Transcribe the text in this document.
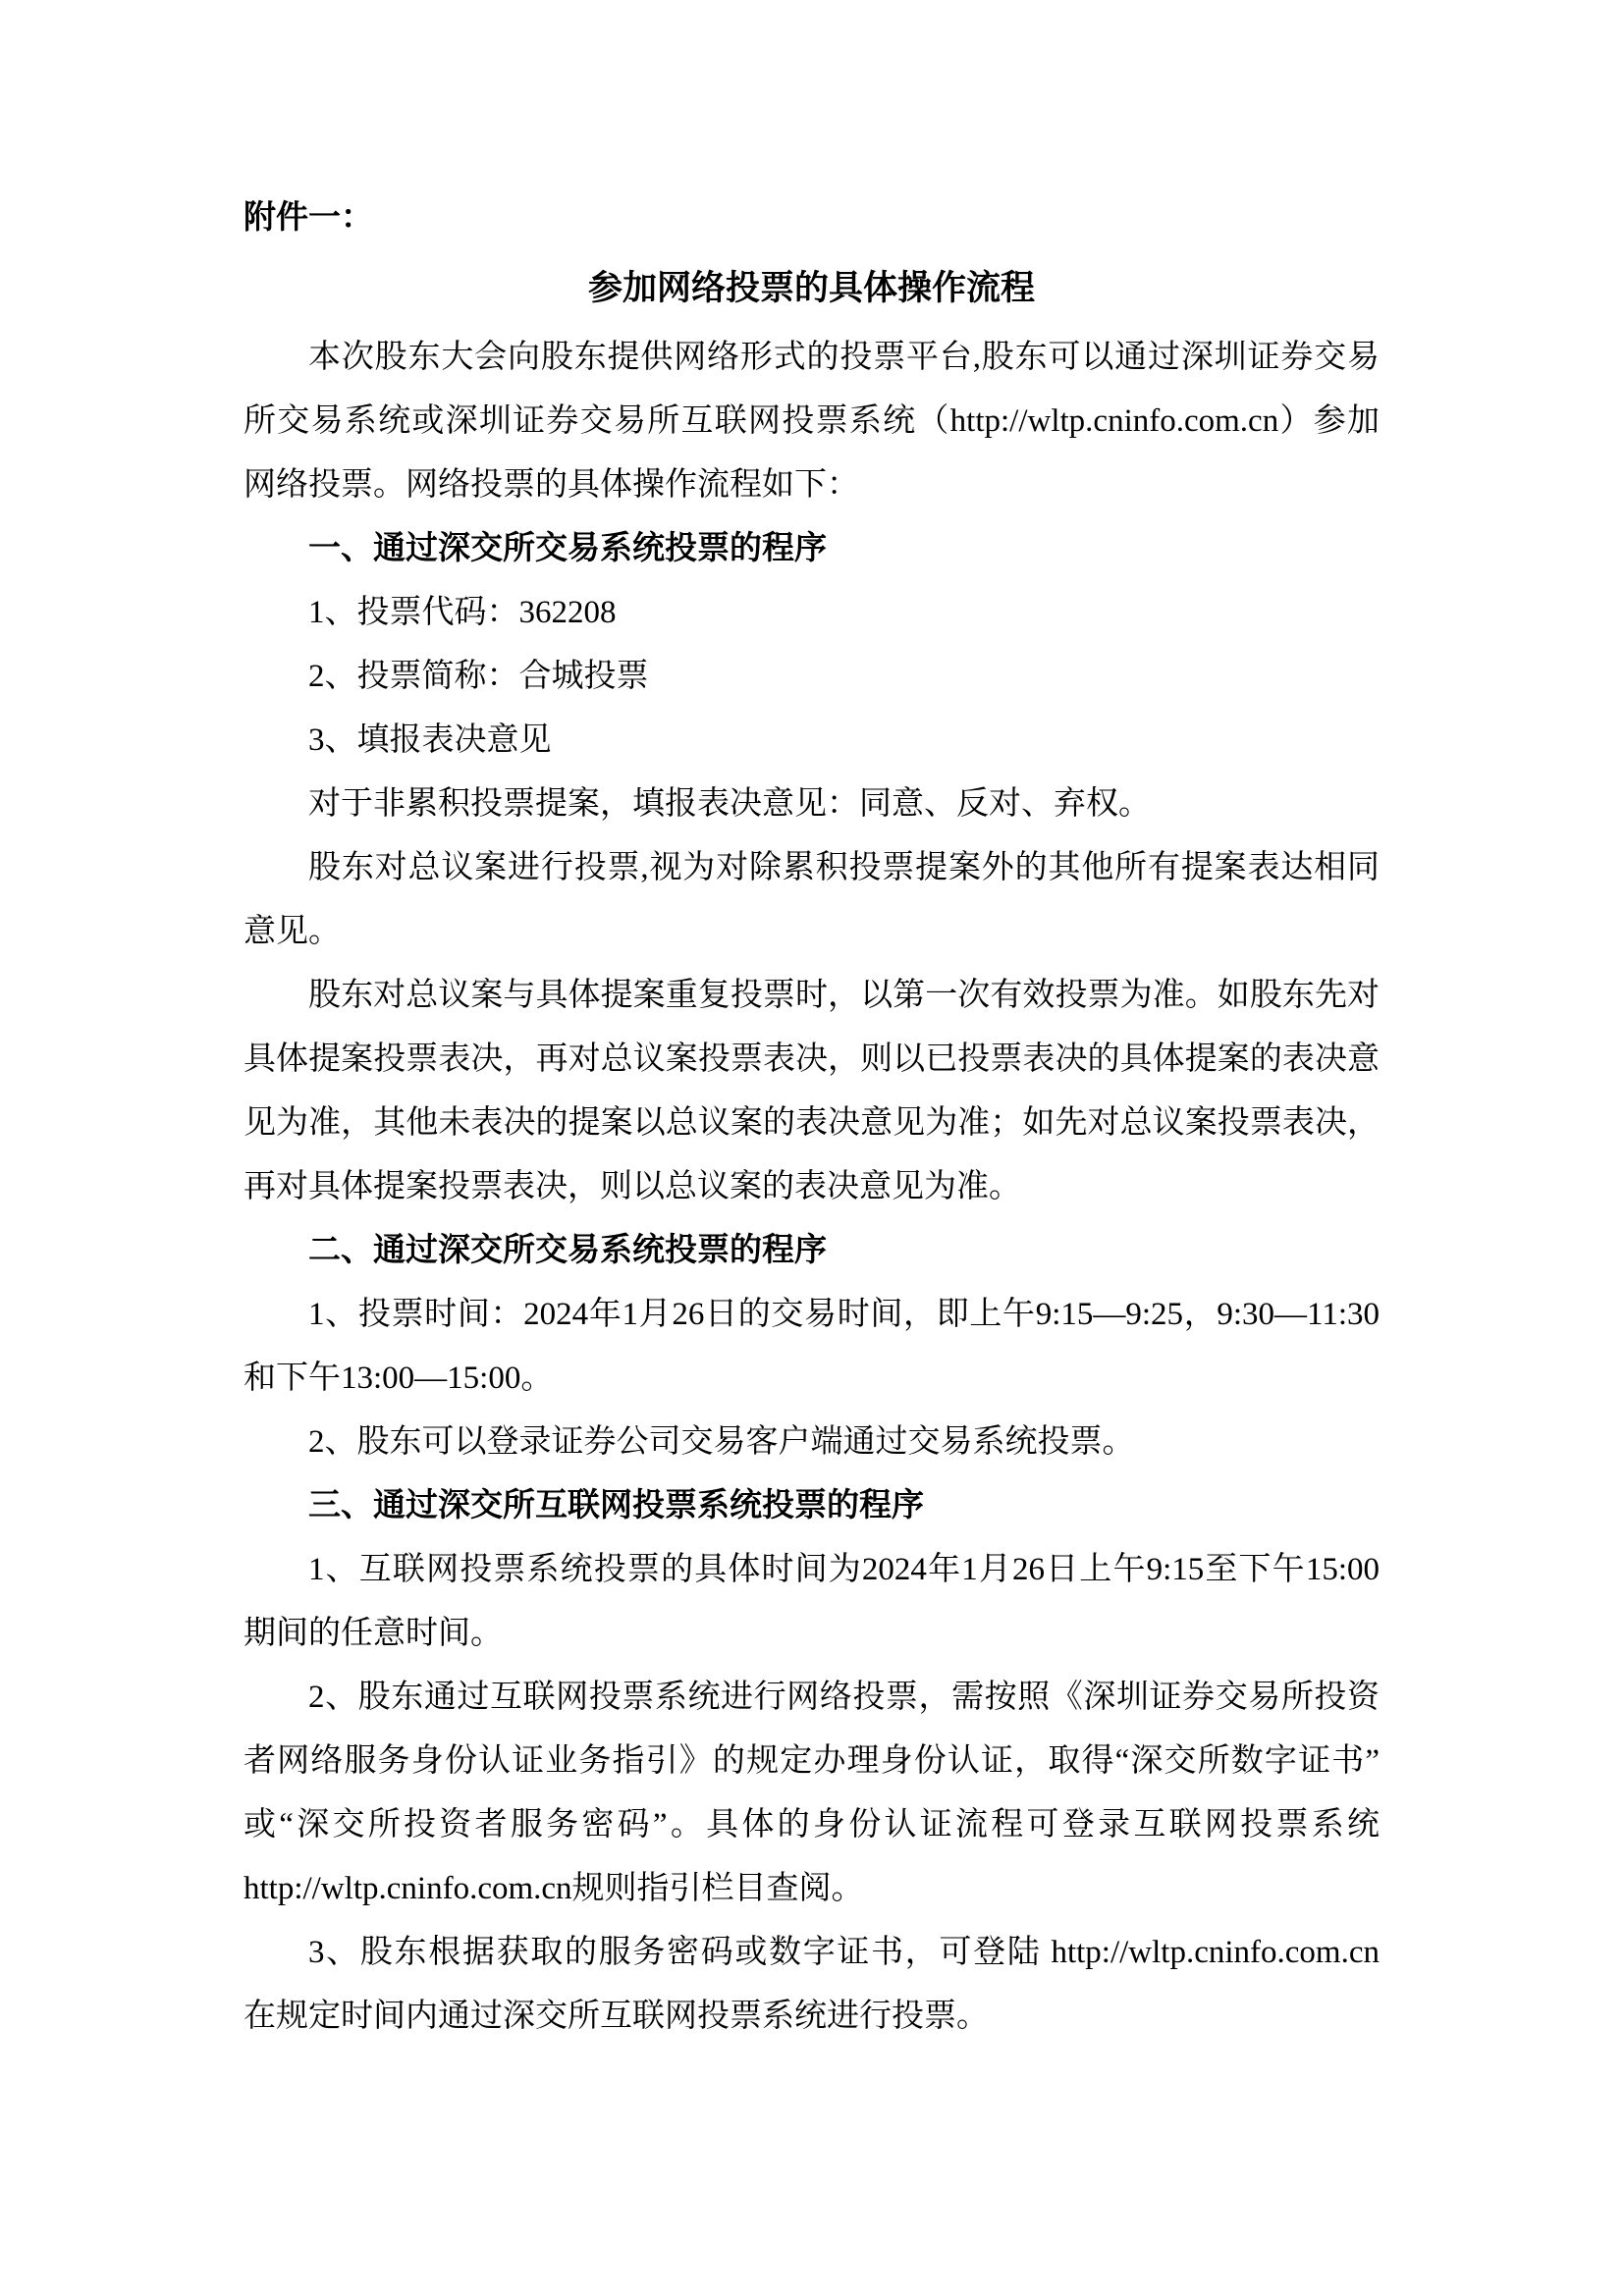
附件一：

参加网络投票的具体操作流程

本次股东大会向股东提供网络形式的投票平台,股东可以通过深圳证券交易

所交易系统或深圳证券交易所互联网投票系统（http://wltp.cninfo.com.cn）参加

网络投票。网络投票的具体操作流程如下：

一、通过深交所交易系统投票的程序

1、投票代码：362208

2、投票简称：合城投票

3、填报表决意见

对于非累积投票提案，填报表决意见：同意、反对、弃权。

股东对总议案进行投票,视为对除累积投票提案外的其他所有提案表达相同

意见。

股东对总议案与具体提案重复投票时，以第一次有效投票为准。如股东先对

具体提案投票表决，再对总议案投票表决，则以已投票表决的具体提案的表决意

见为准，其他未表决的提案以总议案的表决意见为准；如先对总议案投票表决，

再对具体提案投票表决，则以总议案的表决意见为准。

二、通过深交所交易系统投票的程序

1、投票时间：2024年1月26日的交易时间，即上午9:15—9:25，9:30—11:30

和下午13:00—15:00。

2、股东可以登录证券公司交易客户端通过交易系统投票。

三、通过深交所互联网投票系统投票的程序

1、互联网投票系统投票的具体时间为2024年1月26日上午9:15至下午15:00

期间的任意时间。

2、股东通过互联网投票系统进行网络投票，需按照《深圳证券交易所投资

者网络服务身份认证业务指引》的规定办理身份认证，取得“深交所数字证书”

或“深交所投资者服务密码”。具体的身份认证流程可登录互联网投票系统

http://wltp.cninfo.com.cn规则指引栏目查阅。

3、股东根据获取的服务密码或数字证书，可登陆 http://wltp.cninfo.com.cn

在规定时间内通过深交所互联网投票系统进行投票。
